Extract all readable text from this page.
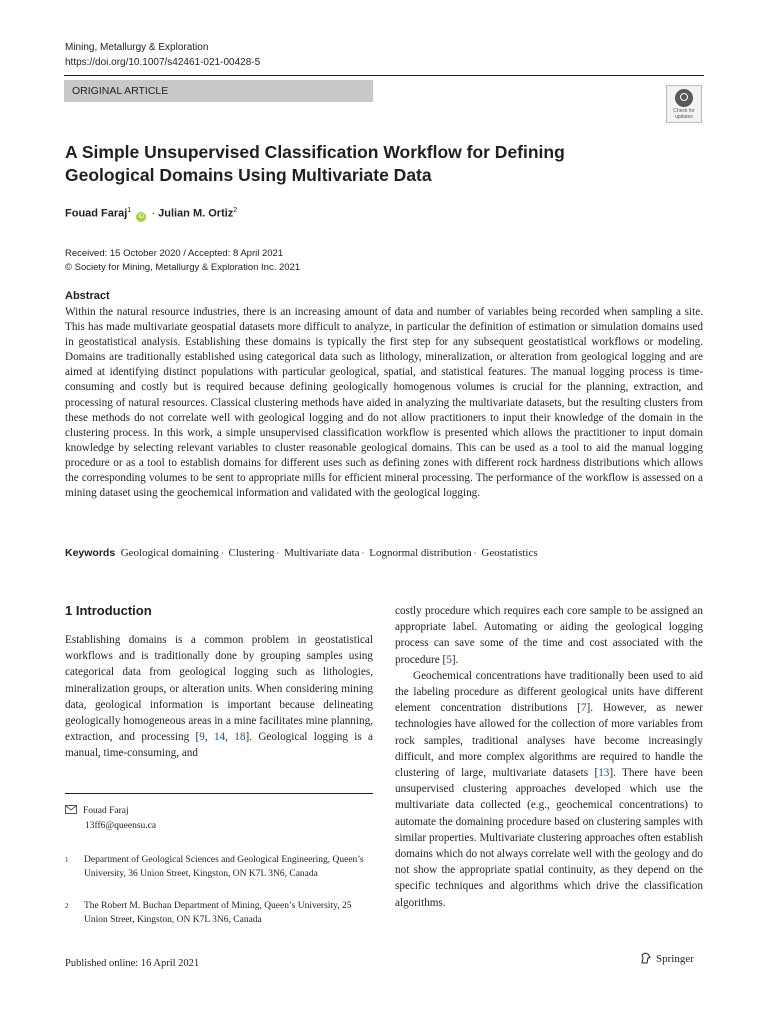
Mining, Metallurgy & Exploration
https://doi.org/10.1007/s42461-021-00428-5
ORIGINAL ARTICLE
Check for updates
A Simple Unsupervised Classification Workflow for Defining Geological Domains Using Multivariate Data
Fouad Faraj$^1$ iD · Julian M. Ortiz$^2$
Received: 15 October 2020 / Accepted: 8 April 2021
© Society for Mining, Metallurgy & Exploration Inc. 2021
Abstract
Within the natural resource industries, there is an increasing amount of data and number of variables being recorded when sampling a site. This has made multivariate geospatial datasets more difficult to analyze, in particular the definition of estimation or simulation domains used in geostatistical analysis. Establishing these domains is typically the first step for any subsequent geostatistical workflows or modeling. Domains are traditionally established using categorical data such as lithology, mineralization, or alteration from geological logging and are aimed at identifying distinct populations with particular geological, spatial, and statistical features. The manual logging process is time-consuming and costly but is required because defining geologically homogenous volumes is crucial for the planning, extraction, and processing of natural resources. Classical clustering methods have aided in analyzing the multivariate datasets, but the resulting clusters from these methods do not correlate well with geological logging and do not allow practitioners to input their knowledge of the domain in the clustering process. In this work, a simple unsupervised classification workflow is presented which allows the practitioner to input domain knowledge by selecting relevant variables to cluster reasonable geological domains. This can be used as a tool to aid the manual logging procedure or as a tool to establish domains for different uses such as defining zones with different rock hardness distributions which allows the corresponding volumes to be sent to appropriate mills for efficient mineral processing. The performance of the workflow is assessed on a mining dataset using the geochemical information and validated with the geological logging.
Keywords Geological domaining · Clustering · Multivariate data · Lognormal distribution · Geostatistics
1 Introduction

Establishing domains is a common problem in geostatistical workflows and is traditionally done by grouping samples using categorical data from geological logging such as lithologies, mineralization groups, or alteration units. When considering mining data, geological information is important because delineating geologically homogeneous areas in a mine facilitates mine planning, extraction, and processing [9, 14, 18]. Geological logging is a manual, time-consuming, and

costly procedure which requires each core sample to be assigned an appropriate label. Automating or aiding the geological logging process can save some of the time and cost associated with the procedure [5].

Geochemical concentrations have traditionally been used to aid the labeling procedure as different geological units have different element concentration distributions [7]. However, as newer technologies have allowed for the collection of more variables from rock samples, traditional analyses have become increasingly difficult, and more complex algorithms are required to handle the clustering of large, multivariate datasets [13]. There have been unsupervised clustering approaches developed which use the multivariate data collected (e.g., geochemical concentrations) to automate the domaining procedure based on clustering samples with similar properties. Multivariate clustering approaches often establish domains which do not always correlate well with the geology and do not show the appropriate spatial continuity, as they depend on the specific techniques and algorithms which drive the classification algorithms.

Fouad Faraj
13ff6@queensu.ca
1	Department of Geological Sciences and Geological Engineering, Queen’s University, 36 Union Street, Kingston, ON K7L 3N6, Canada
2	The Robert M. Buchan Department of Mining, Queen’s University, 25 Union Street, Kingston, ON K7L 3N6, Canada
Published online: 16 April 2021	Springer
